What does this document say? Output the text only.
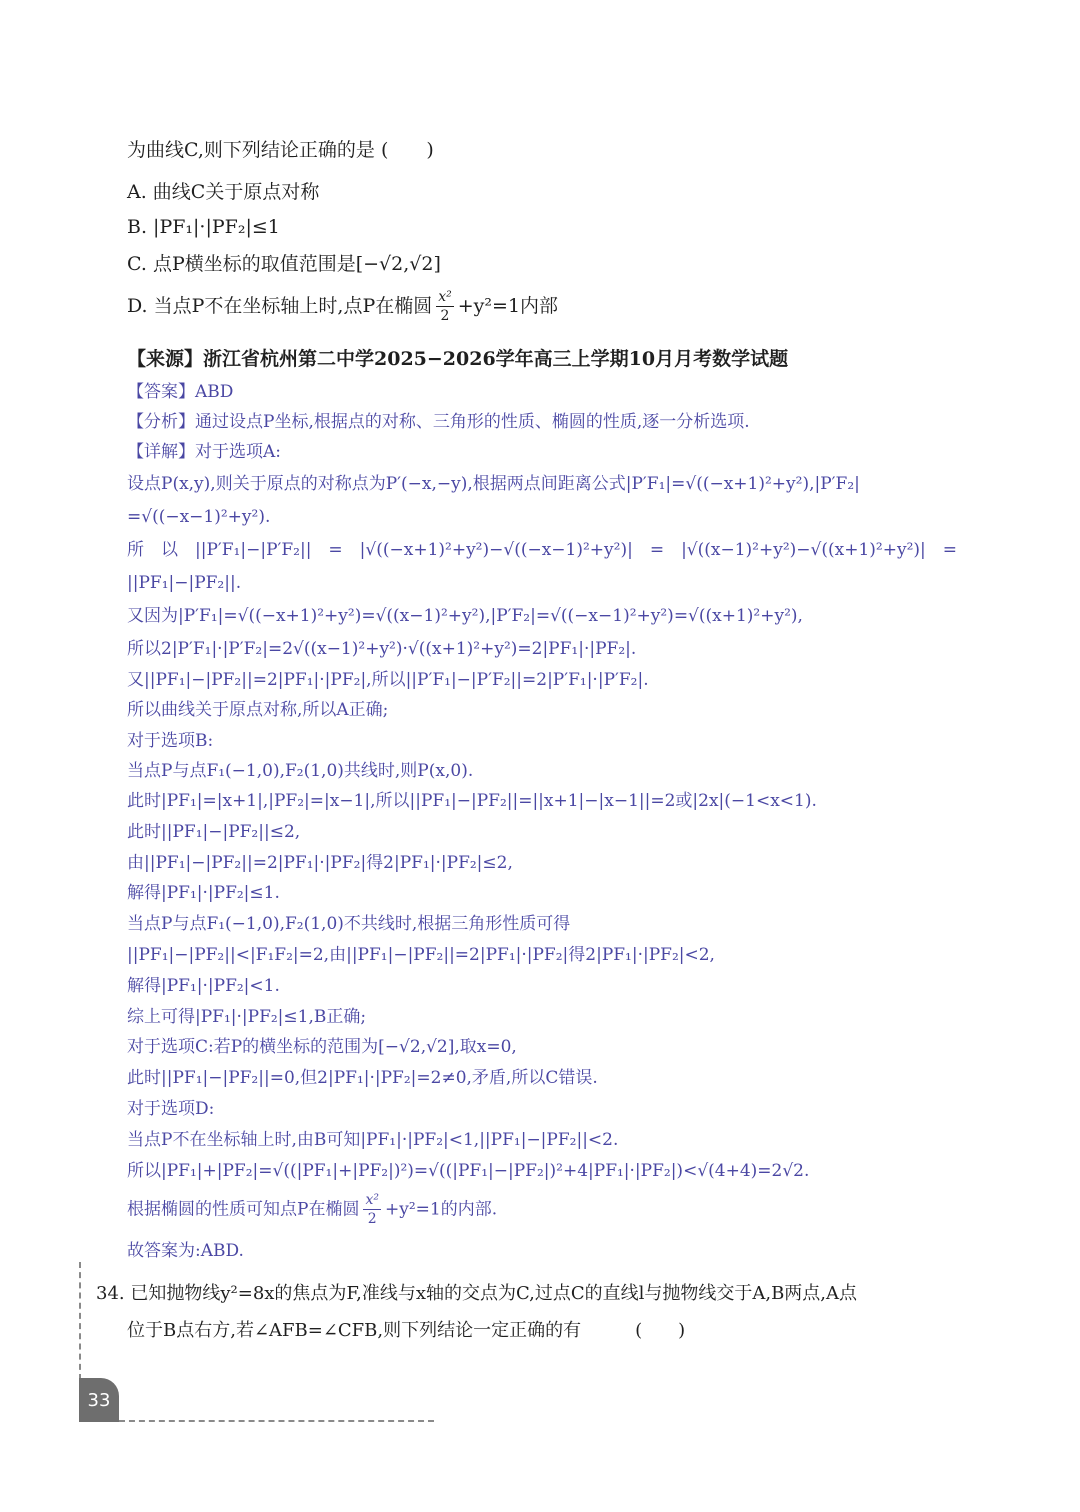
为曲线C,则下列结论正确的是 (　　)

A. 曲线C关于原点对称

B. |PF₁|·|PF₂|≤1

C. 点P横坐标的取值范围是[−√2,√2]

D. 当点P不在坐标轴上时,点P在椭圆 $\frac{\text{x²}}{2} +y^2=1$内部

【来源】浙江省杭州第二中学2025−2026学年高三上学期10月月考数学试题

【答案】ABD

【分析】通过设点P坐标,根据点的对称、三角形的性质、椭圆的性质,逐一分析选项.

【详解】对于选项A:

设点P(x,y),则关于原点的对称点为P′(−x,−y),根据两点间距离公式|P′F₁|=√((−x+1)²+y²),|P′F₂|

=√((−x−1)²+y²).

所　以　||P′F₁|−|P′F₂||　=　|√((−x+1)²+y²)−√((−x−1)²+y²)|　=　|√((x−1)²+y²)−√((x+1)²+y²)|　=

||PF₁|−|PF₂||.

又因为|P′F₁|=√((−x+1)²+y²)=√((x−1)²+y²),|P′F₂|=√((−x−1)²+y²)=√((x+1)²+y²),

所以2|P′F₁|·|P′F₂|=2√((x−1)²+y²)·√((x+1)²+y²)=2|PF₁|·|PF₂|.

又||PF₁|−|PF₂||=2|PF₁|·|PF₂|,所以||P′F₁|−|P′F₂||=2|P′F₁|·|P′F₂|.

所以曲线关于原点对称,所以A正确;

对于选项B:

当点P与点F₁(−1,0),F₂(1,0)共线时,则P(x,0).

此时|PF₁|=|x+1|,|PF₂|=|x−1|,所以||PF₁|−|PF₂||=||x+1|−|x−1||=2或|2x|(−1<x<1).

此时||PF₁|−|PF₂||≤2,

由||PF₁|−|PF₂||=2|PF₁|·|PF₂|得2|PF₁|·|PF₂|≤2,

解得|PF₁|·|PF₂|≤1.

当点P与点F₁(−1,0),F₂(1,0)不共线时,根据三角形性质可得

||PF₁|−|PF₂||<|F₁F₂|=2,由||PF₁|−|PF₂||=2|PF₁|·|PF₂|得2|PF₁|·|PF₂|<2,

解得|PF₁|·|PF₂|<1.

综上可得|PF₁|·|PF₂|≤1,B正确;

对于选项C:若P的横坐标的范围为[−√2,√2],取x=0,

此时||PF₁|−|PF₂||=0,但2|PF₁|·|PF₂|=2≠0,矛盾,所以C错误.

对于选项D:

当点P不在坐标轴上时,由B可知|PF₁|·|PF₂|<1,||PF₁|−|PF₂||<2.

所以|PF₁|+|PF₂|=√((|PF₁|+|PF₂|)²)=√((|PF₁|−|PF₂|)²+4|PF₁|·|PF₂|)<√(4+4)=2√2.

根据椭圆的性质可知点P在椭圆 $\frac{\text{x²}}{2} +y^2=1$的内部.

故答案为:ABD.

34. 已知抛物线y²=8x的焦点为F,准线与x轴的交点为C,过点C的直线l与抛物线交于A,B两点,A点

位于B点右方,若∠AFB=∠CFB,则下列结论一定正确的有　　　(　　)

33
